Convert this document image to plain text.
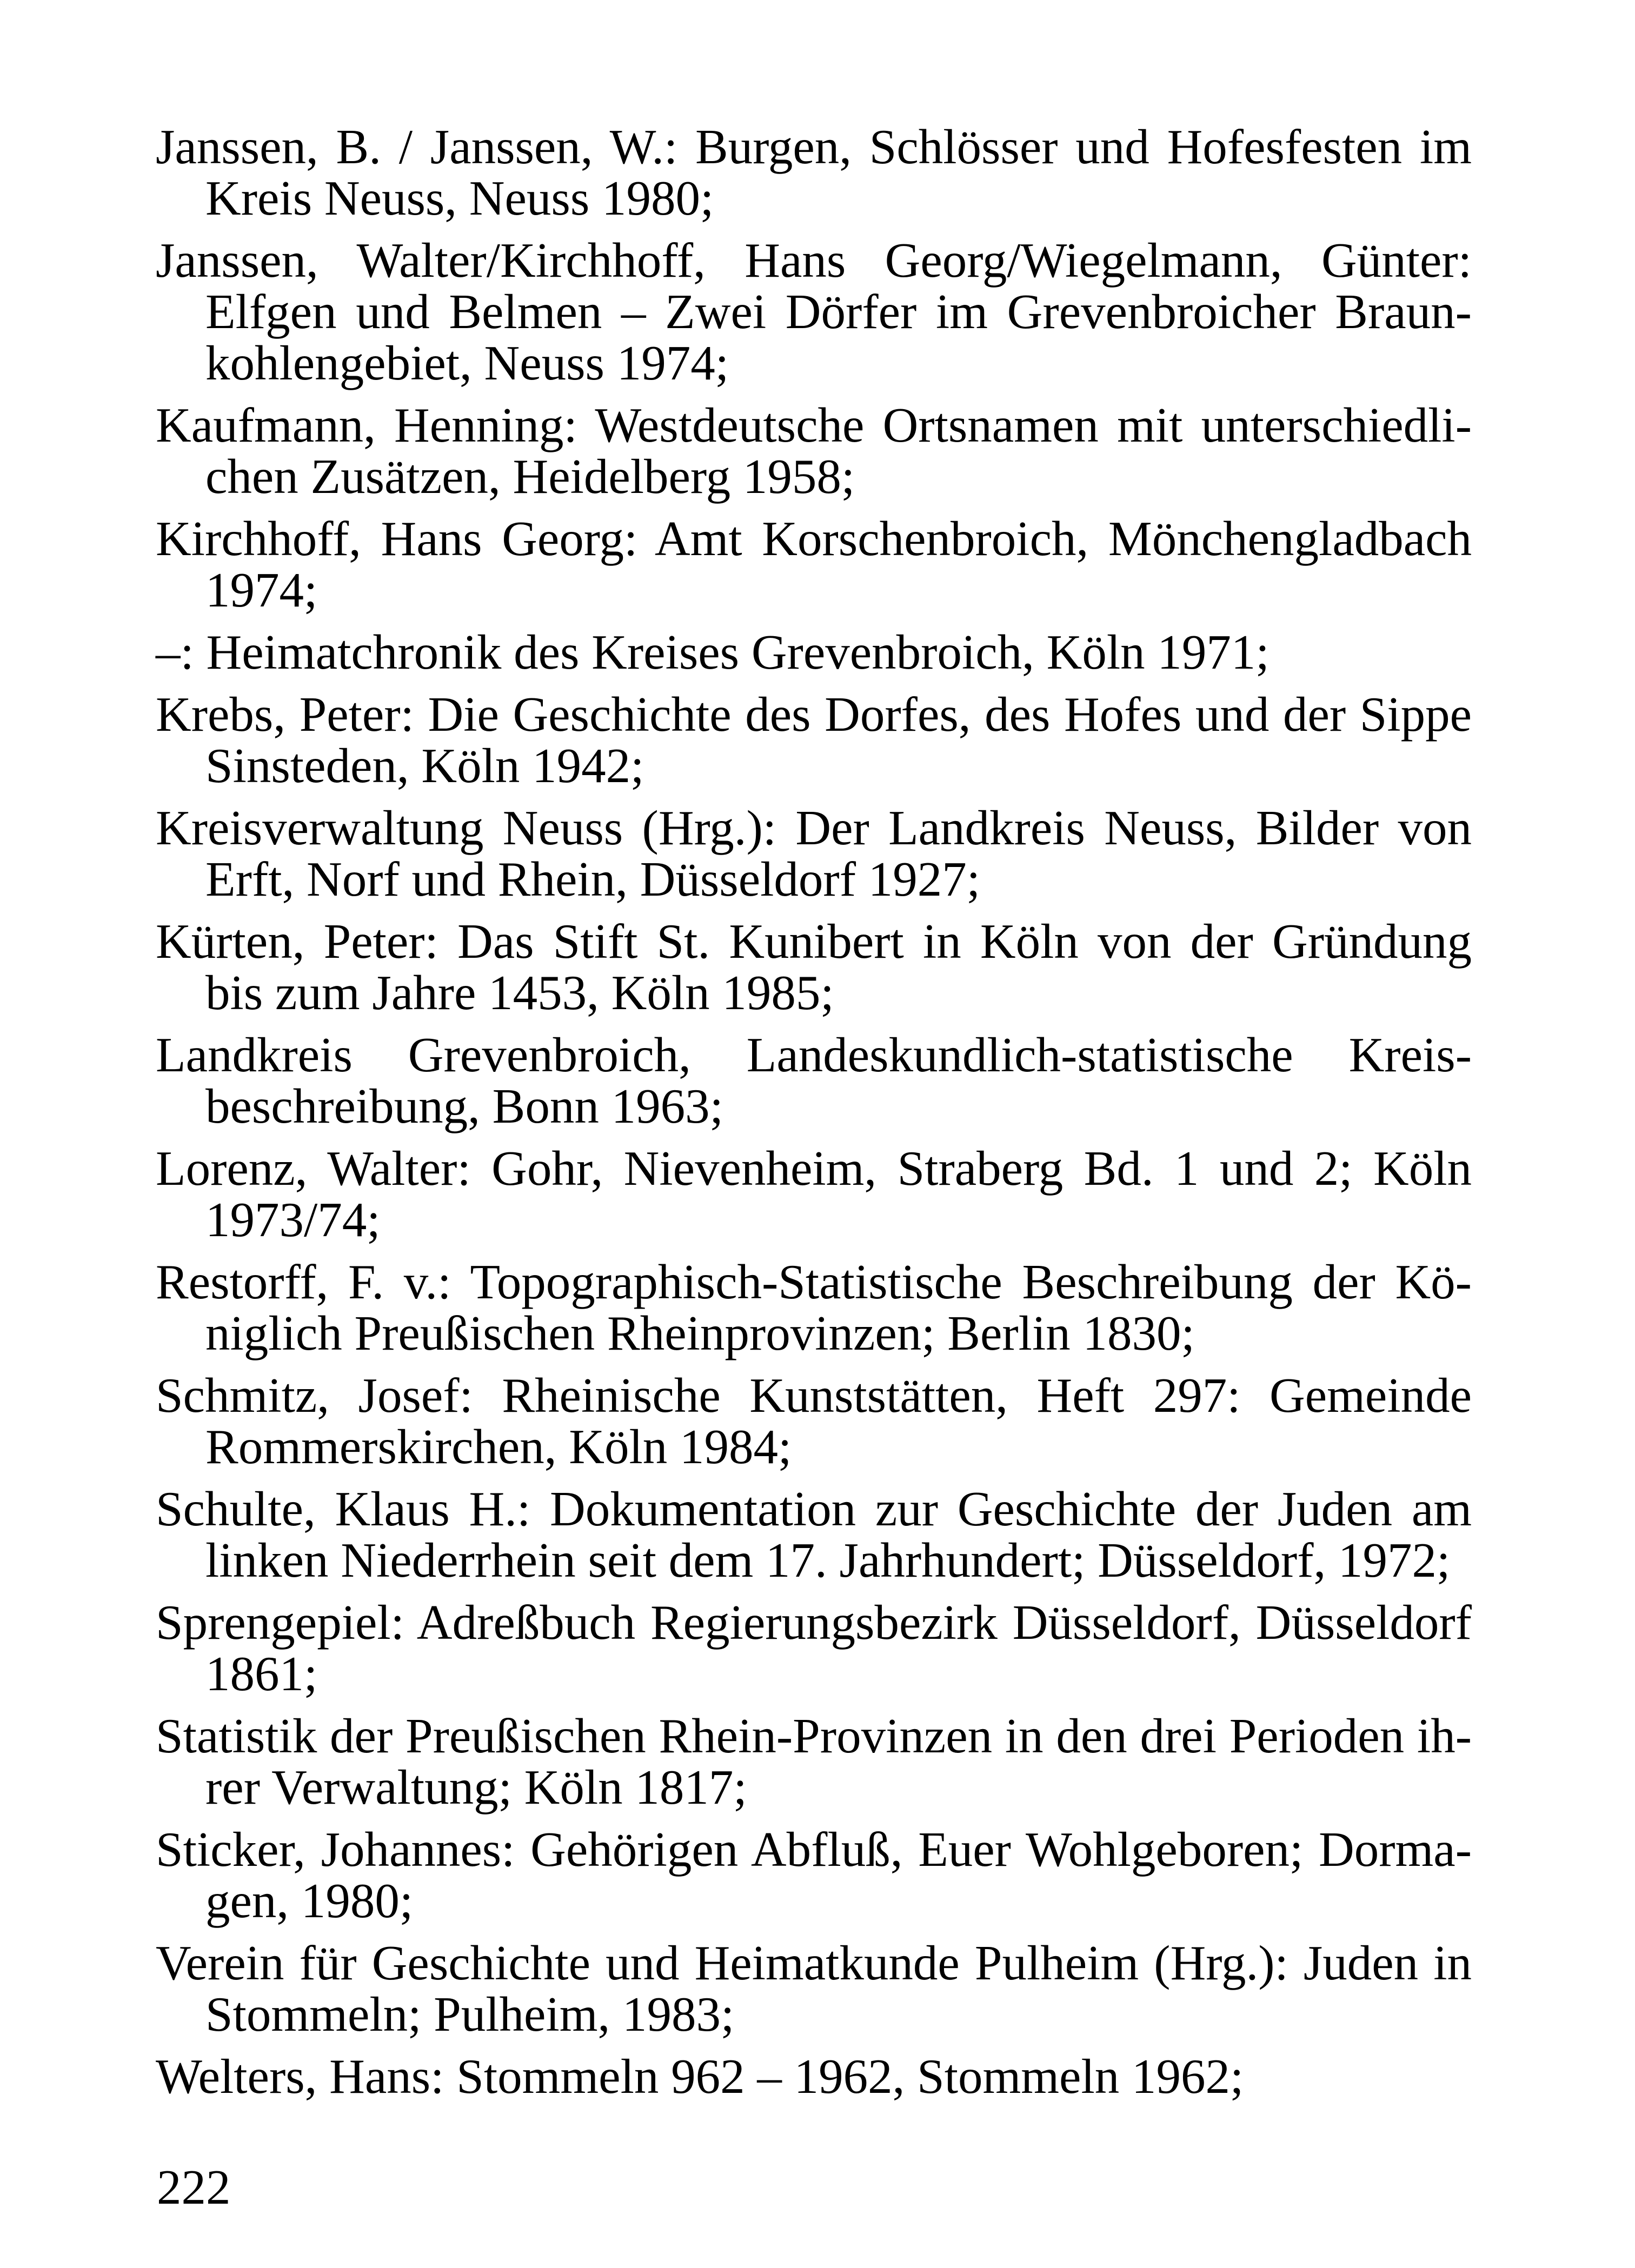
Janssen, B. / Janssen, W.: Burgen, Schlösser und Hofesfesten im
Kreis Neuss, Neuss 1980;
Janssen, Walter/Kirchhoff, Hans Georg/Wiegelmann, Günter:
Elfgen und Belmen – Zwei Dörfer im Grevenbroicher Braun-
kohlengebiet, Neuss 1974;
Kaufmann, Henning: Westdeutsche Ortsnamen mit unterschiedli-
chen Zusätzen, Heidelberg 1958;
Kirchhoff, Hans Georg: Amt Korschenbroich, Mönchengladbach
1974;
–: Heimatchronik des Kreises Grevenbroich, Köln 1971;
Krebs, Peter: Die Geschichte des Dorfes, des Hofes und der Sippe
Sinsteden, Köln 1942;
Kreisverwaltung Neuss (Hrg.): Der Landkreis Neuss, Bilder von
Erft, Norf und Rhein, Düsseldorf 1927;
Kürten, Peter: Das Stift St. Kunibert in Köln von der Gründung
bis zum Jahre 1453, Köln 1985;
Landkreis Grevenbroich, Landeskundlich-statistische Kreis-
beschreibung, Bonn 1963;
Lorenz, Walter: Gohr, Nievenheim, Straberg Bd. 1 und 2; Köln
1973/74;
Restorff, F. v.: Topographisch-Statistische Beschreibung der Kö-
niglich Preußischen Rheinprovinzen; Berlin 1830;
Schmitz, Josef: Rheinische Kunststätten, Heft 297: Gemeinde
Rommerskirchen, Köln 1984;
Schulte, Klaus H.: Dokumentation zur Geschichte der Juden am
linken Niederrhein seit dem 17. Jahrhundert; Düsseldorf, 1972;
Sprengepiel: Adreßbuch Regierungsbezirk Düsseldorf, Düsseldorf
1861;
Statistik der Preußischen Rhein-Provinzen in den drei Perioden ih-
rer Verwaltung; Köln 1817;
Sticker, Johannes: Gehörigen Abfluß, Euer Wohlgeboren; Dorma-
gen, 1980;
Verein für Geschichte und Heimatkunde Pulheim (Hrg.): Juden in
Stommeln; Pulheim, 1983;
Welters, Hans: Stommeln 962 – 1962, Stommeln 1962;
222
